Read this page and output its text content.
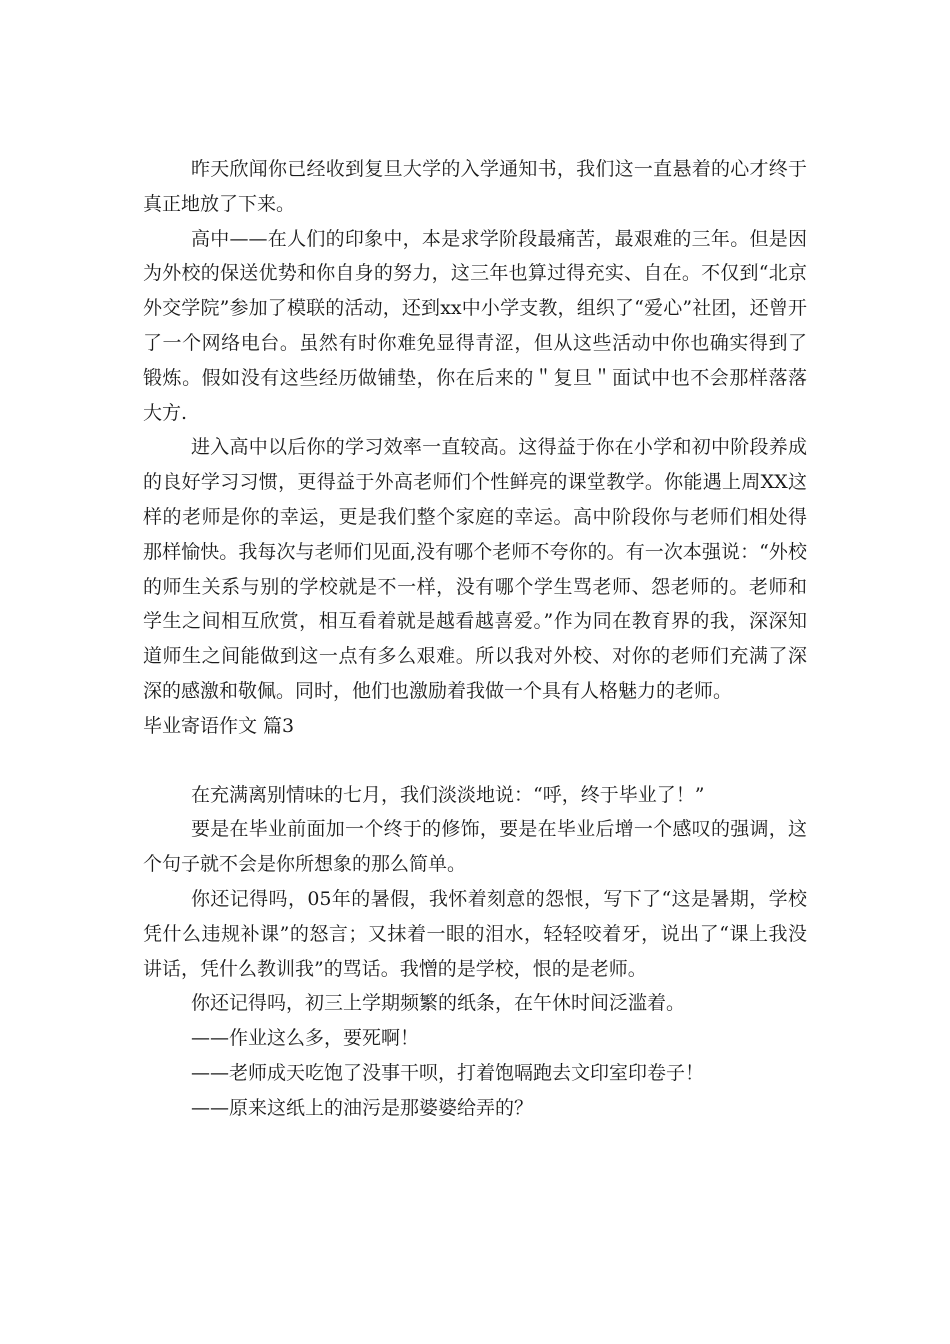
昨天欣闻你已经收到复旦大学的入学通知书，我们这一直悬着的心才终于真正地放了下来。

高中——在人们的印象中，本是求学阶段最痛苦，最艰难的三年。但是因为外校的保送优势和你自身的努力，这三年也算过得充实、自在。不仅到“北京外交学院”参加了模联的活动，还到xx中小学支教，组织了“爱心”社团，还曾开了一个网络电台。虽然有时你难免显得青涩，但从这些活动中你也确实得到了锻炼。假如没有这些经历做铺垫，你在后来的＂复旦＂面试中也不会那样落落大方.

进入高中以后你的学习效率一直较高。这得益于你在小学和初中阶段养成的良好学习习惯，更得益于外高老师们个性鲜亮的课堂教学。你能遇上周XX这样的老师是你的幸运，更是我们整个家庭的幸运。高中阶段你与老师们相处得那样愉快。我每次与老师们见面,没有哪个老师不夸你的。有一次本强说：“外校的师生关系与别的学校就是不一样，没有哪个学生骂老师、怨老师的。老师和学生之间相互欣赏，相互看着就是越看越喜爱。”作为同在教育界的我，深深知道师生之间能做到这一点有多么艰难。所以我对外校、对你的老师们充满了深深的感激和敬佩。同时，他们也激励着我做一个具有人格魅力的老师。

毕业寄语作文 篇3

在充满离别情味的七月，我们淡淡地说：“呼，终于毕业了！”

要是在毕业前面加一个终于的修饰，要是在毕业后增一个感叹的强调，这个句子就不会是你所想象的那么简单。

你还记得吗，05年的暑假，我怀着刻意的怨恨，写下了“这是暑期，学校凭什么违规补课”的怒言；又抹着一眼的泪水，轻轻咬着牙，说出了“课上我没讲话，凭什么教训我”的骂话。我憎的是学校，恨的是老师。

你还记得吗，初三上学期频繁的纸条，在午休时间泛滥着。

——作业这么多，要死啊！

——老师成天吃饱了没事干呗，打着饱嗝跑去文印室印卷子！

——原来这纸上的油污是那婆婆给弄的？
